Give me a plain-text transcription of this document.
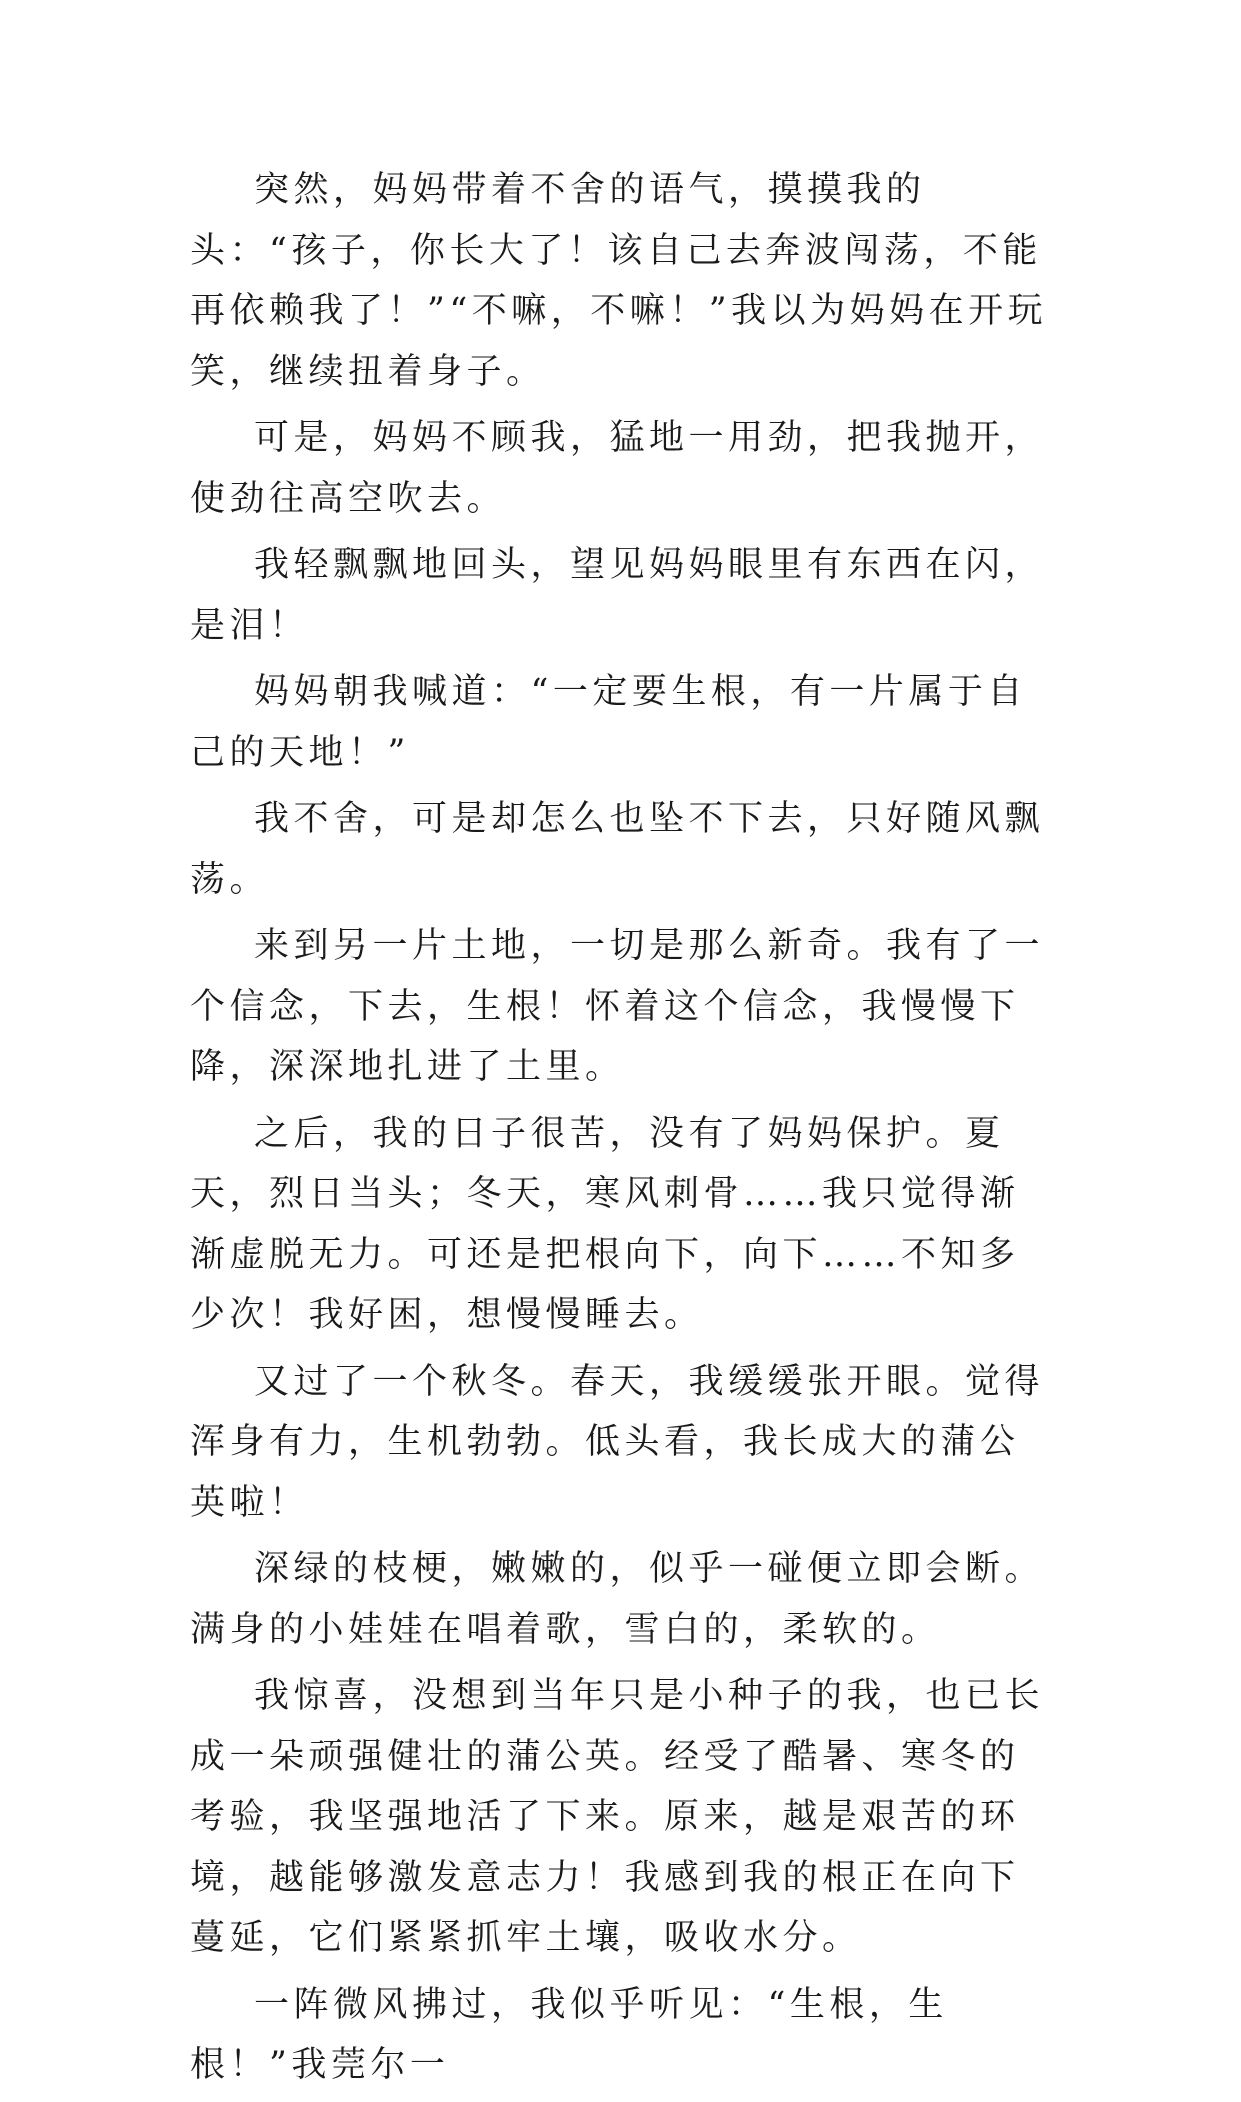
突然，妈妈带着不舍的语气，摸摸我的头：“孩子，你长大了！该自己去奔波闯荡，不能再依赖我了！”“不嘛，不嘛！”我以为妈妈在开玩笑，继续扭着身子。

可是，妈妈不顾我，猛地一用劲，把我抛开，使劲往高空吹去。

我轻飘飘地回头，望见妈妈眼里有东西在闪，是泪！

妈妈朝我喊道：“一定要生根，有一片属于自己的天地！”

我不舍，可是却怎么也坠不下去，只好随风飘荡。

来到另一片土地，一切是那么新奇。我有了一个信念，下去，生根！怀着这个信念，我慢慢下降，深深地扎进了土里。

之后，我的日子很苦，没有了妈妈保护。夏天，烈日当头；冬天，寒风刺骨……我只觉得渐渐虚脱无力。可还是把根向下，向下……不知多少次！我好困，想慢慢睡去。

又过了一个秋冬。春天，我缓缓张开眼。觉得浑身有力，生机勃勃。低头看，我长成大的蒲公英啦！

深绿的枝梗，嫩嫩的，似乎一碰便立即会断。满身的小娃娃在唱着歌，雪白的，柔软的。

我惊喜，没想到当年只是小种子的我，也已长成一朵顽强健壮的蒲公英。经受了酷暑、寒冬的考验，我坚强地活了下来。原来，越是艰苦的环境，越能够激发意志力！我感到我的根正在向下蔓延，它们紧紧抓牢土壤，吸收水分。

一阵微风拂过，我似乎听见：“生根，生根！”我莞尔一
